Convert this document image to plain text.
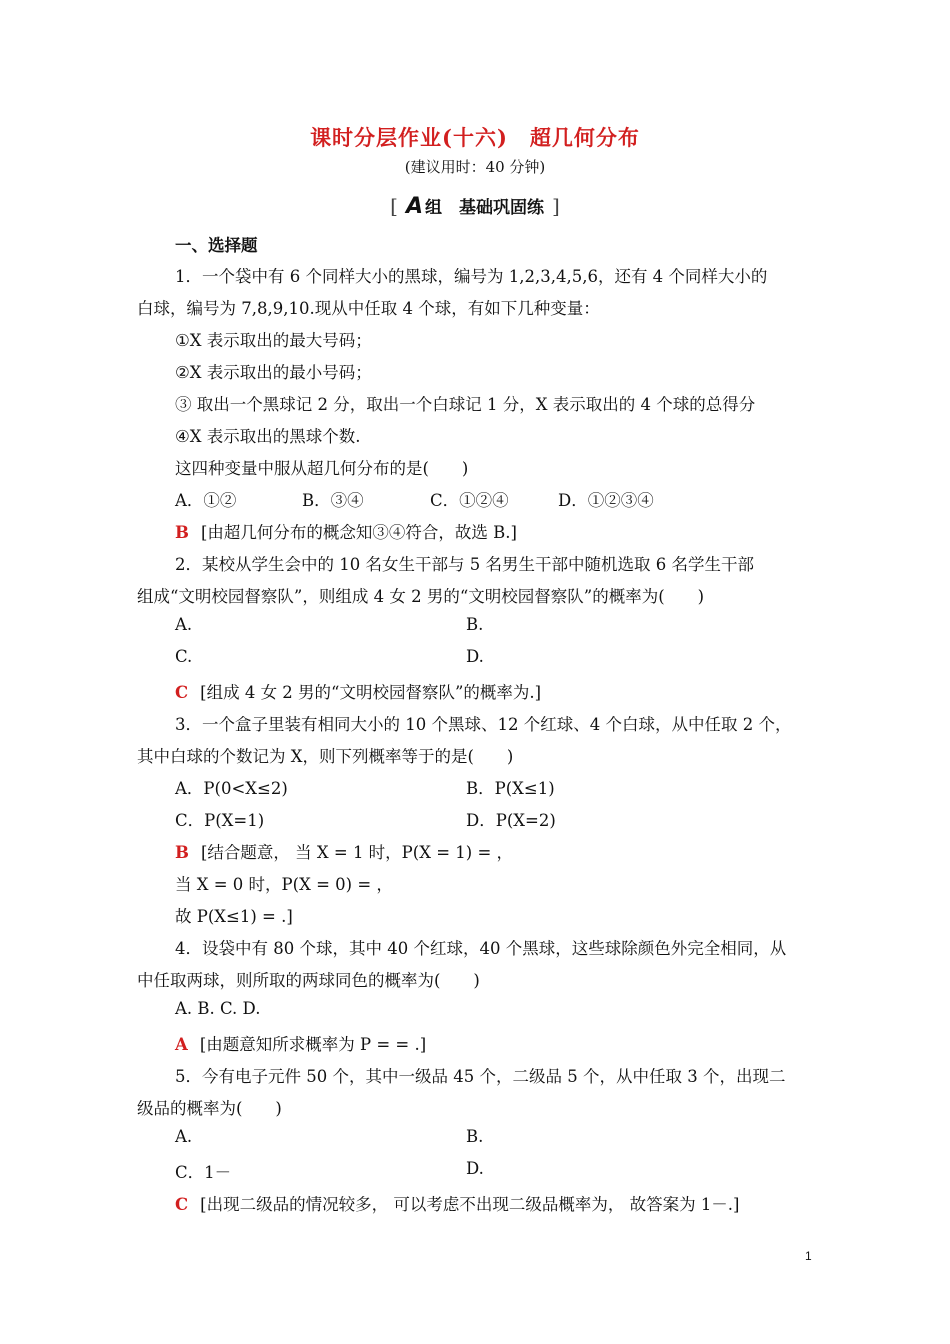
课时分层作业(十六)　超几何分布
(建议用时：40 分钟)
[ A 组　基础巩固练 ]
一、选择题
1．一个袋中有 6 个同样大小的黑球，编号为 1,2,3,4,5,6，还有 4 个同样大小的
白球，编号为 7,8,9,10.现从中任取 4 个球，有如下几种变量：
①X 表示取出的最大号码；
②X 表示取出的最小号码；
③ 取出一个黑球记 2 分，取出一个白球记 1 分，X 表示取出的 4 个球的总得分
④X 表示取出的黑球个数.
这四种变量中服从超几何分布的是(　　)
A．①②	B．③④	C．①②④	D．①②③④
B [由超几何分布的概念知③④符合，故选 B.]
2．某校从学生会中的 10 名女生干部与 5 名男生干部中随机选取 6 名学生干部
组成“文明校园督察队”，则组成 4 女 2 男的“文明校园督察队”的概率为(　　)
A.	B.
C.	D.
C [组成 4 女 2 男的“文明校园督察队”的概率为.]
3．一个盒子里装有相同大小的 10 个黑球、12 个红球、4 个白球，从中任取 2 个，
其中白球的个数记为 X，则下列概率等于的是(　　)
A．P(0<X≤2)	B．P(X≤1)
C．P(X=1)	D．P(X=2)
B [结合题意， 当 X = 1 时，P(X = 1) = ，
当 X = 0 时，P(X = 0) = ，
故 P(X≤1) = .]
4．设袋中有 80 个球，其中 40 个红球，40 个黑球，这些球除颜色外完全相同，从
中任取两球，则所取的两球同色的概率为(　　)
A. B. C. D.
A [由题意知所求概率为 P = = .]
5．今有电子元件 50 个，其中一级品 45 个，二级品 5 个，从中任取 3 个，出现二
级品的概率为(　　)
A.	B.
C．1－	D.
C [出现二级品的情况较多， 可以考虑不出现二级品概率为， 故答案为 1－.]
1
